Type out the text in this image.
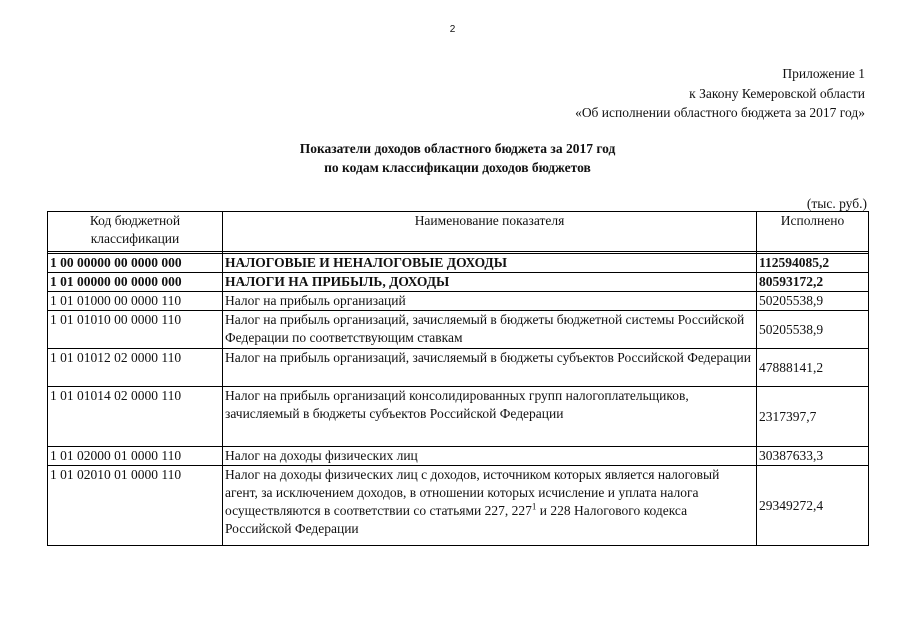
2
Приложение 1
к Закону Кемеровской области
«Об исполнении областного бюджета за 2017 год»
Показатели доходов областного бюджета за 2017 год
по кодам классификации доходов бюджетов
(тыс. руб.)
Код бюджетной классификации	Наименование показателя	Исполнено

1 00 00000 00 0000 000	НАЛОГОВЫЕ И НЕНАЛОГОВЫЕ ДОХОДЫ	112594085,2
1 01 00000 00 0000 000	НАЛОГИ НА ПРИБЫЛЬ, ДОХОДЫ	80593172,2
1 01 01000 00 0000 110	Налог на прибыль организаций	50205538,9
1 01 01010 00 0000 110	Налог на прибыль организаций, зачисляемый в бюджеты бюджетной системы Российской Федерации по соответствующим ставкам	50205538,9
1 01 01012 02 0000 110	Налог на прибыль организаций, зачисляемый в бюджеты субъектов Российской Федерации	47888141,2
1 01 01014 02 0000 110	Налог на прибыль организаций консолидированных групп налогоплательщиков, зачисляемый в бюджеты субъектов Российской Федерации	2317397,7
1 01 02000 01 0000 110	Налог на доходы физических лиц	30387633,3
1 01 02010 01 0000 110	Налог на доходы физических лиц с доходов, источником которых является налоговый агент, за исключением доходов, в отношении которых исчисление и уплата налога осуществляются в соответствии со статьями 227, $227^1$ и 228 Налогового кодекса Российской Федерации	29349272,4
